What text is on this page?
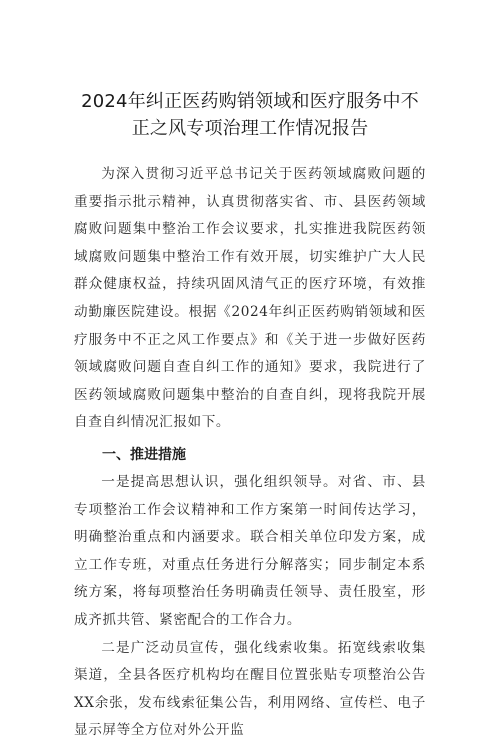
2024年纠正医药购销领域和医疗服务中不正之风专项治理工作情况报告

为深入贯彻习近平总书记关于医药领域腐败问题的重要指示批示精神，认真贯彻落实省、市、县医药领域腐败问题集中整治工作会议要求，扎实推进我院医药领域腐败问题集中整治工作有效开展，切实维护广大人民群众健康权益，持续巩固风清气正的医疗环境，有效推动勤廉医院建设。根据《2024年纠正医药购销领域和医疗服务中不正之风工作要点》和《关于进一步做好医药领域腐败问题自查自纠工作的通知》要求，我院进行了医药领域腐败问题集中整治的自查自纠，现将我院开展自查自纠情况汇报如下。

一、推进措施

一是提高思想认识，强化组织领导。对省、市、县专项整治工作会议精神和工作方案第一时间传达学习，明确整治重点和内涵要求。联合相关单位印发方案，成立工作专班，对重点任务进行分解落实；同步制定本系统方案，将每项整治任务明确责任领导、责任股室，形成齐抓共管、紧密配合的工作合力。

二是广泛动员宣传，强化线索收集。拓宽线索收集渠道，全县各医疗机构均在醒目位置张贴专项整治公告XX余张，发布线索征集公告，利用网络、宣传栏、电子显示屏等全方位对外公开监
